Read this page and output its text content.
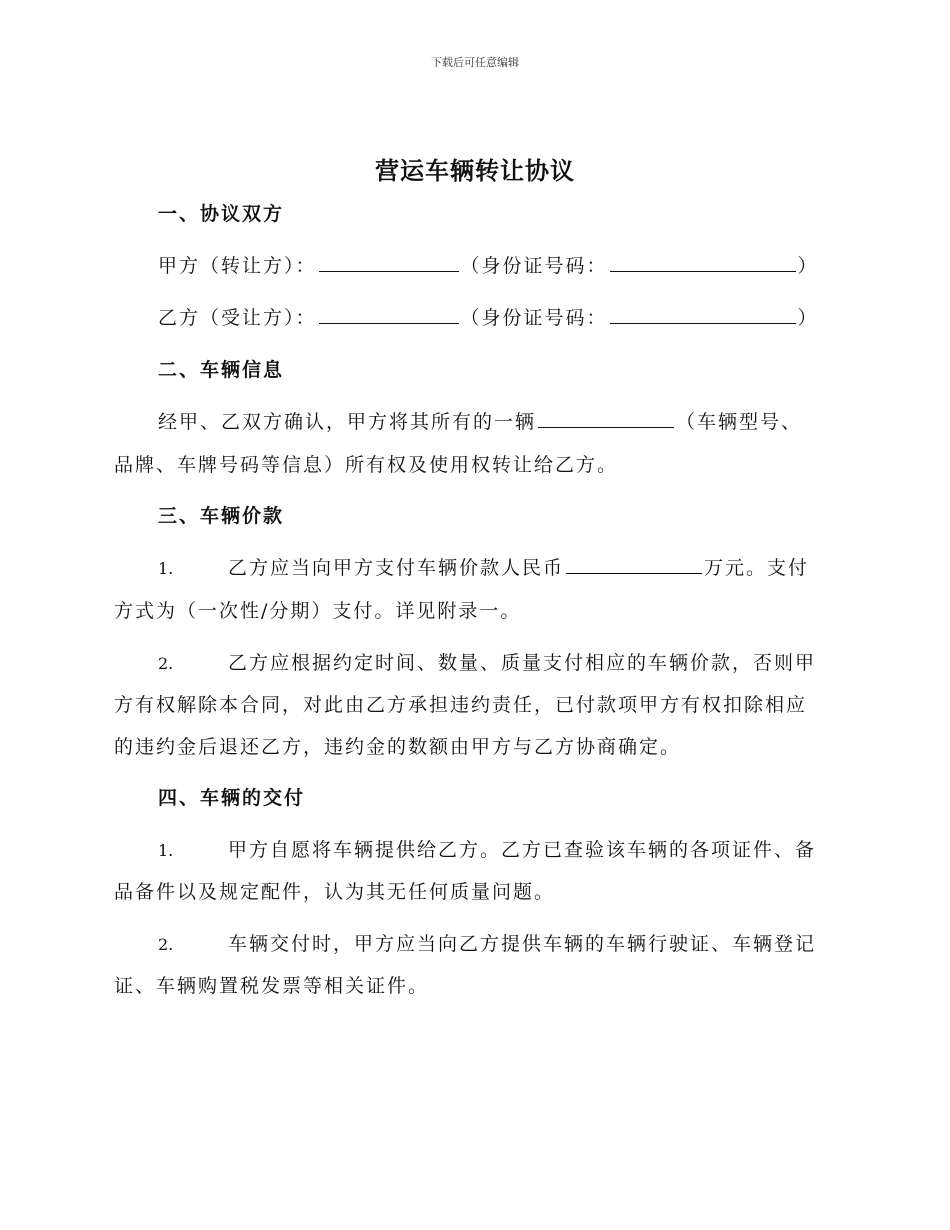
下载后可任意编辑
营运车辆转让协议
一、协议双方
甲方（转让方）：	（身份证号码：	）
乙方（受让方）：	（身份证号码：	）
二、车辆信息
经甲、乙双方确认，甲方将其所有的一辆	（车辆型号、
品牌、车牌号码等信息）所有权及使用权转让给乙方。
三、车辆价款
1.	乙方应当向甲方支付车辆价款人民币	万元。支付
方式为（一次性/分期）支付。详见附录一。
2.	乙方应根据约定时间、数量、质量支付相应的车辆价款，否则甲
方有权解除本合同，对此由乙方承担违约责任，已付款项甲方有权扣除相应
的违约金后退还乙方，违约金的数额由甲方与乙方协商确定。
四、车辆的交付
1.	甲方自愿将车辆提供给乙方。乙方已查验该车辆的各项证件、备
品备件以及规定配件，认为其无任何质量问题。
2.	车辆交付时，甲方应当向乙方提供车辆的车辆行驶证、车辆登记
证、车辆购置税发票等相关证件。
